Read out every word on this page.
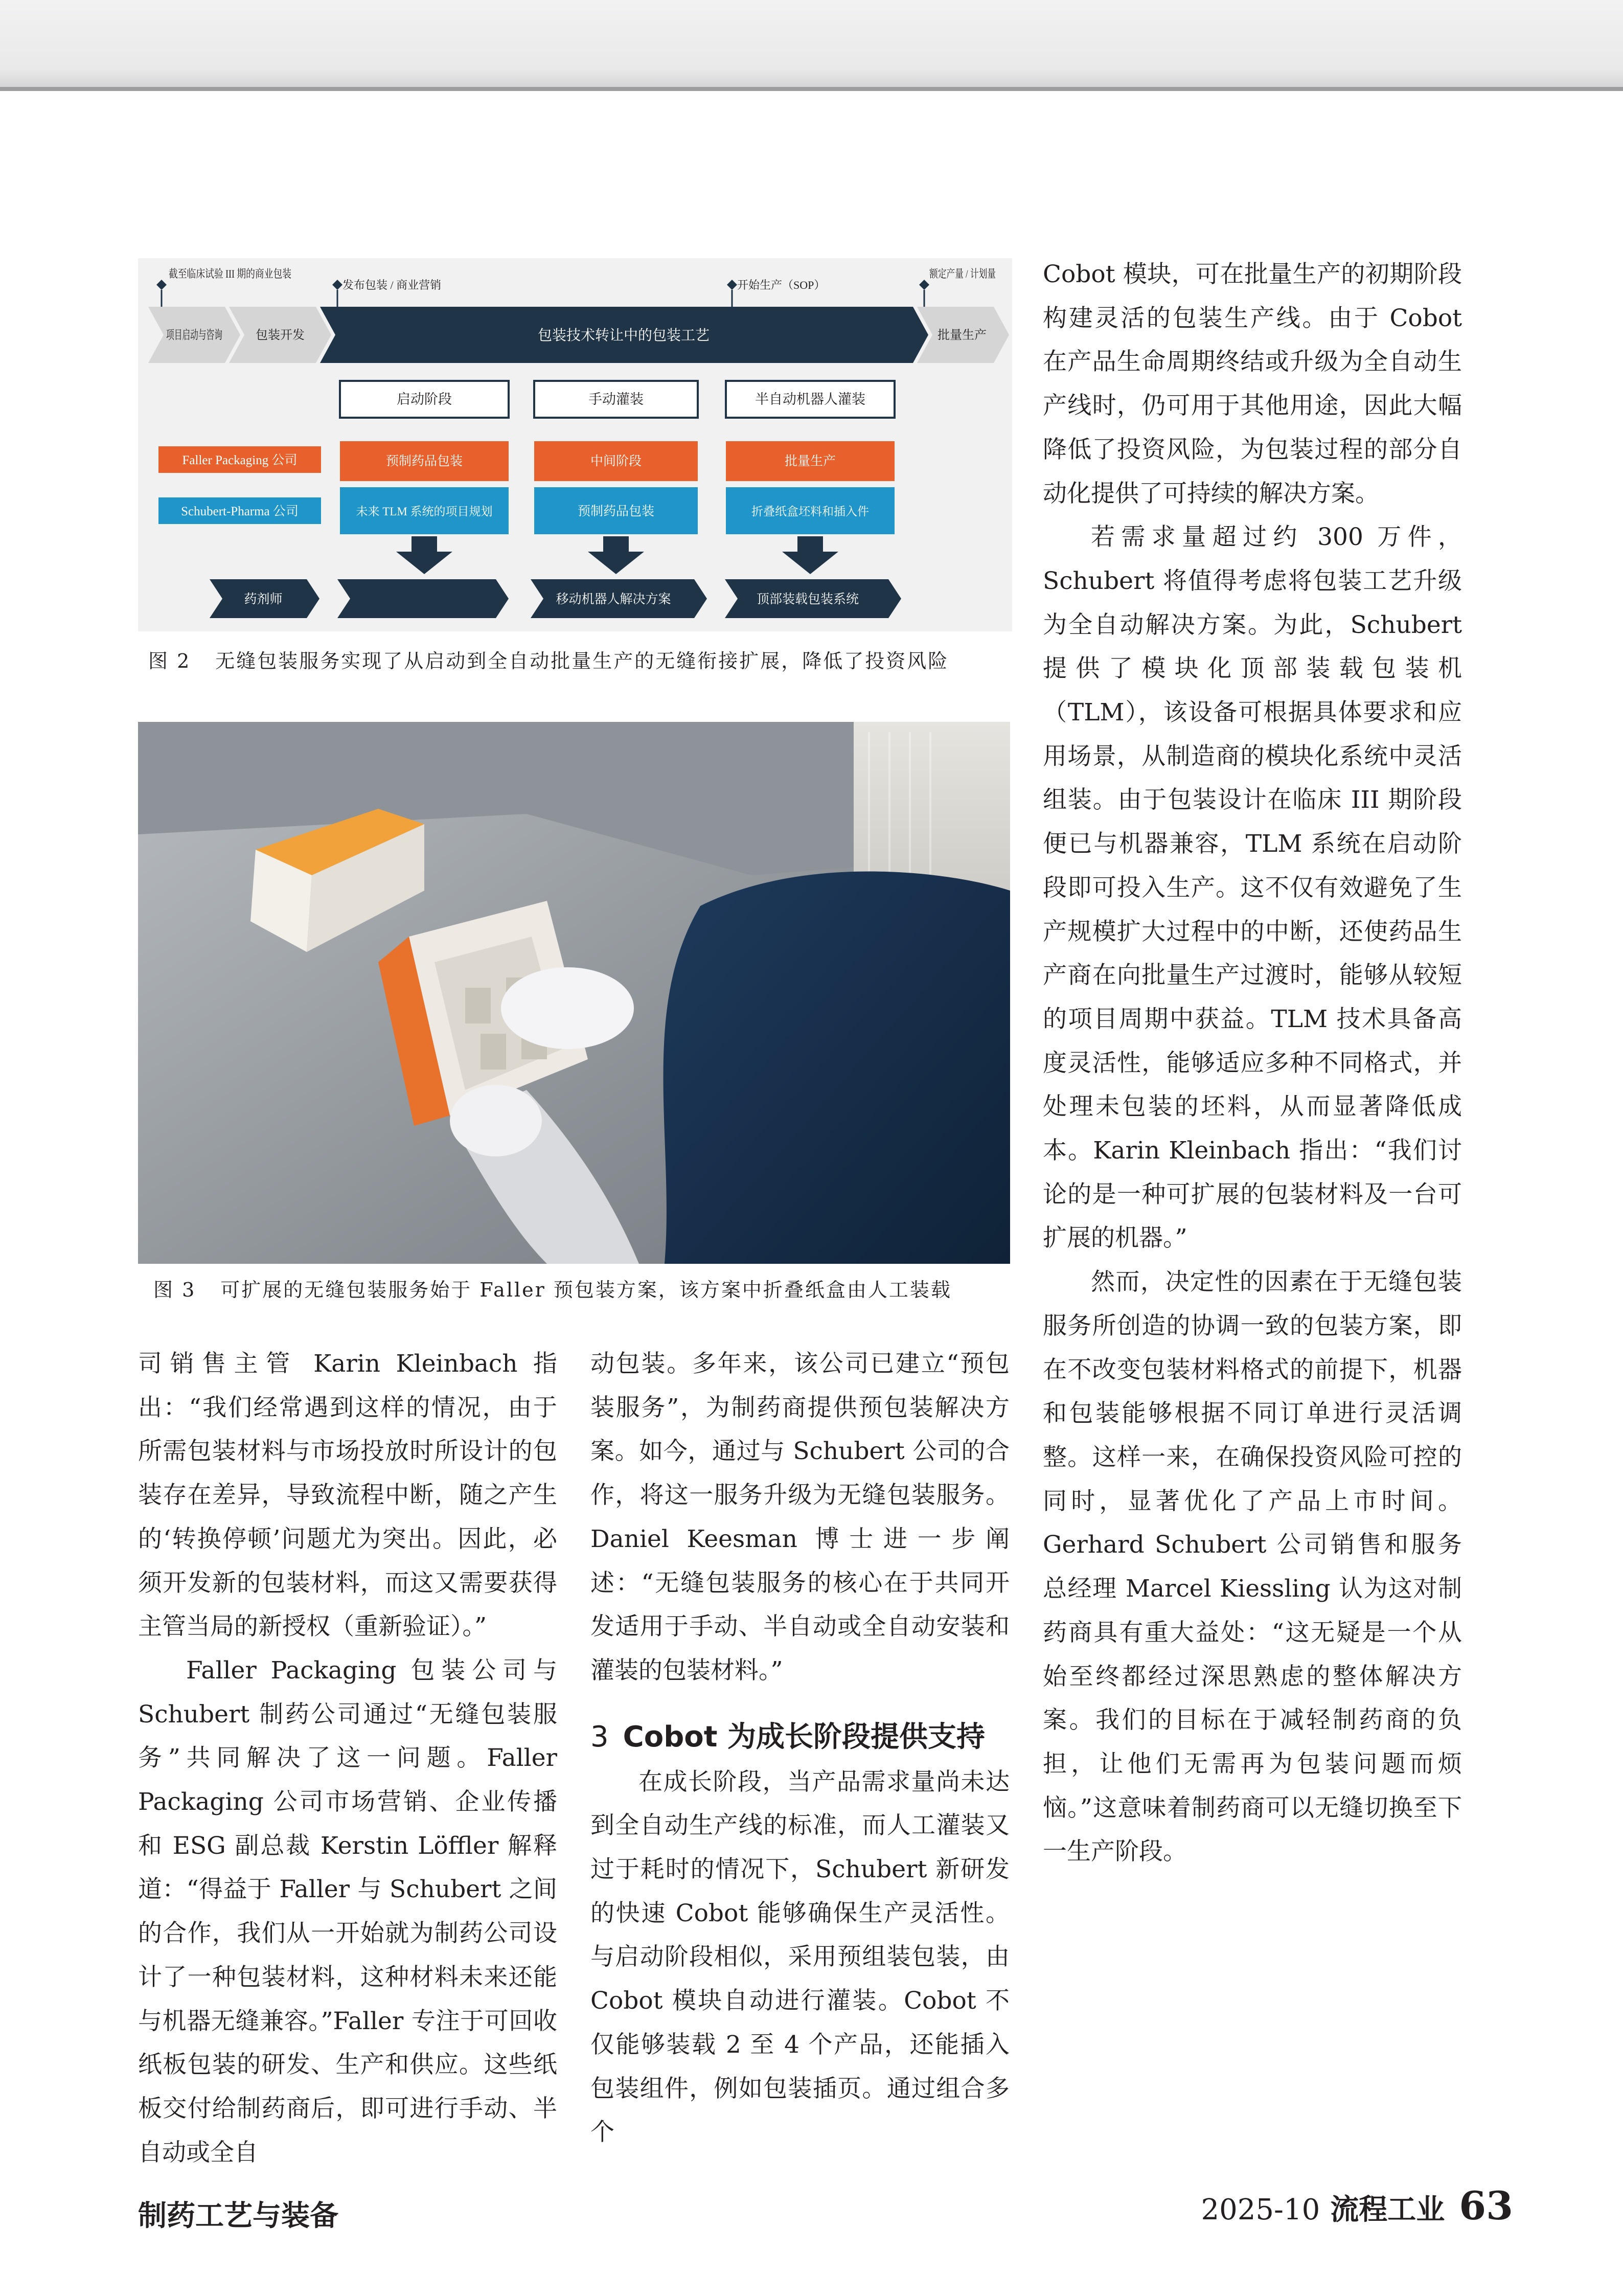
截至临床试验 III 期的商业包装
发布包装 / 商业营销	开始生产（SOP）
额定产量 / 计划量
项目启动与咨询 包装开发	包装技术转让中的包装工艺	批量生产
启动阶段	手动灌装	半自动机器人灌装
Faller Packaging 公司
Schubert-Pharma 公司
预制药品包装	中间阶段	批量生产
未来 TLM 系统的项目规划	预制药品包装	折叠纸盒坯料和插入件
药剂师	移动机器人解决方案	顶部装载包装系统
图 2 无缝包装服务实现了从启动到全自动批量生产的无缝衔接扩展，降低了投资风险
图 3 可扩展的无缝包装服务始于 Faller 预包装方案，该方案中折叠纸盒由人工装载

司销售主管 Karin Kleinbach 指出：“我们经常遇到这样的情况，由于所需包装材料与市场投放时所设计的包装存在差异，导致流程中断，随之产生的‘转换停顿’问题尤为突出。因此，必须开发新的包装材料，而这又需要获得主管当局的新授权（重新验证）。”

Faller Packaging 包装公司与 Schubert 制药公司通过“无缝包装服务”共同解决了这一问题。Faller Packaging 公司市场营销、企业传播和 ESG 副总裁 Kerstin Löffler 解释道：“得益于 Faller 与 Schubert 之间的合作，我们从一开始就为制药公司设计了一种包装材料，这种材料未来还能与机器无缝兼容。”Faller 专注于可回收纸板包装的研发、生产和供应。这些纸板交付给制药商后，即可进行手动、半自动或全自

动包装。多年来，该公司已建立“预包装服务”，为制药商提供预包装解决方案。如今，通过与 Schubert 公司的合作，将这一服务升级为无缝包装服务。Daniel Keesman 博士进一步阐述：“无缝包装服务的核心在于共同开发适用于手动、半自动或全自动安装和灌装的包装材料。”

3 Cobot 为成长阶段提供支持

在成长阶段，当产品需求量尚未达到全自动生产线的标准，而人工灌装又过于耗时的情况下，Schubert 新研发的快速 Cobot 能够确保生产灵活性。与启动阶段相似，采用预组装包装，由 Cobot 模块自动进行灌装。Cobot 不仅能够装载 2 至 4 个产品，还能插入包装组件，例如包装插页。通过组合多个

Cobot 模块，可在批量生产的初期阶段构建灵活的包装生产线。由于 Cobot 在产品生命周期终结或升级为全自动生产线时，仍可用于其他用途，因此大幅降低了投资风险，为包装过程的部分自动化提供了可持续的解决方案。

若需求量超过约 300 万件，Schubert 将值得考虑将包装工艺升级为全自动解决方案。为此，Schubert 提供了模块化顶部装载包装机（TLM），该设备可根据具体要求和应用场景，从制造商的模块化系统中灵活组装。由于包装设计在临床 III 期阶段便已与机器兼容，TLM 系统在启动阶段即可投入生产。这不仅有效避免了生产规模扩大过程中的中断，还使药品生产商在向批量生产过渡时，能够从较短的项目周期中获益。TLM 技术具备高度灵活性，能够适应多种不同格式，并处理未包装的坯料，从而显著降低成本。Karin Kleinbach 指出：“我们讨论的是一种可扩展的包装材料及一台可扩展的机器。”

然而，决定性的因素在于无缝包装服务所创造的协调一致的包装方案，即在不改变包装材料格式的前提下，机器和包装能够根据不同订单进行灵活调整。这样一来，在确保投资风险可控的同时，显著优化了产品上市时间。Gerhard Schubert 公司销售和服务总经理 Marcel Kiessling 认为这对制药商具有重大益处：“这无疑是一个从始至终都经过深思熟虑的整体解决方案。我们的目标在于减轻制药商的负担，让他们无需再为包装问题而烦恼。”这意味着制药商可以无缝切换至下一生产阶段。

制药工艺与装备	2025-10 流程工业 63
